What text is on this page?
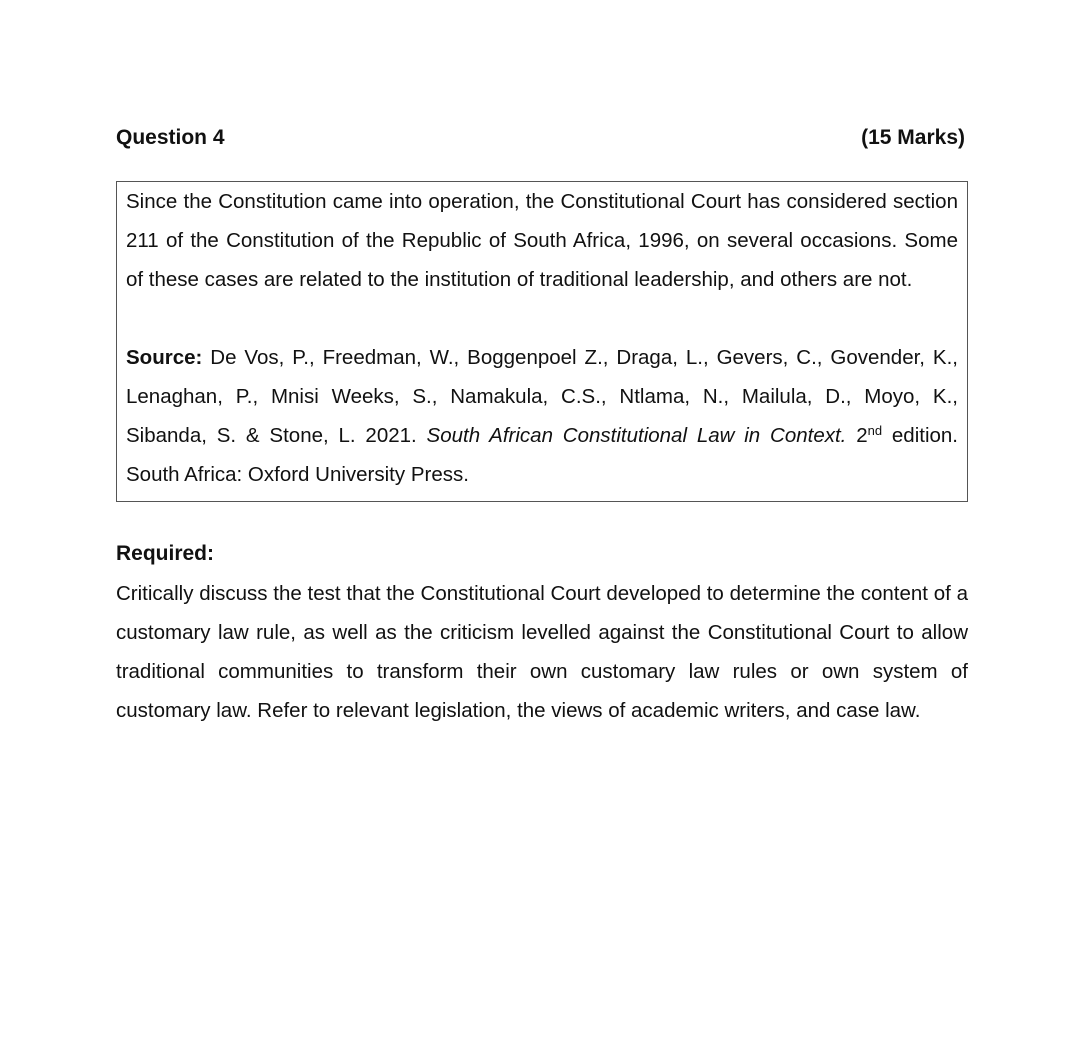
Question 4	(15 Marks)

Since the Constitution came into operation, the Constitutional Court has considered section 211 of the Constitution of the Republic of South Africa, 1996, on several occasions. Some of these cases are related to the institution of traditional leadership, and others are not.

Source: De Vos, P., Freedman, W., Boggenpoel Z., Draga, L., Gevers, C., Govender, K., Lenaghan, P., Mnisi Weeks, S., Namakula, C.S., Ntlama, N., Mailula, D., Moyo, K., Sibanda, S. & Stone, L. 2021. South African Constitutional Law in Context. 2nd edition. South Africa: Oxford University Press.

Required:

Critically discuss the test that the Constitutional Court developed to determine the content of a customary law rule, as well as the criticism levelled against the Constitutional Court to allow traditional communities to transform their own customary law rules or own system of customary law. Refer to relevant legislation, the views of academic writers, and case law.
